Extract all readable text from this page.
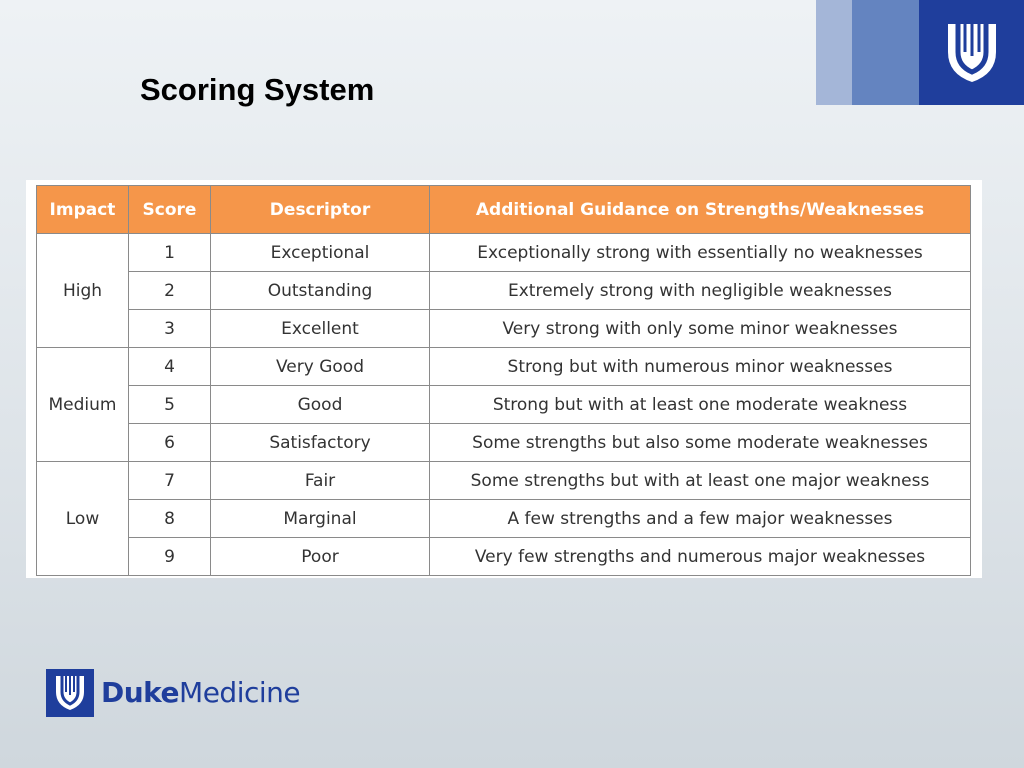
Scoring System
Impact	Score	Descriptor	Additional Guidance on Strengths/Weaknesses
High	1	Exceptional	Exceptionally strong with essentially no weaknesses
	2	Outstanding	Extremely strong with negligible weaknesses
	3	Excellent	Very strong with only some minor weaknesses
Medium	4	Very Good	Strong but with numerous minor weaknesses
	5	Good	Strong but with at least one moderate weakness
	6	Satisfactory	Some strengths but also some moderate weaknesses
Low	7	Fair	Some strengths but with at least one major weakness
	8	Marginal	A few strengths and a few major weaknesses
	9	Poor	Very few strengths and numerous major weaknesses
DukeMedicine
